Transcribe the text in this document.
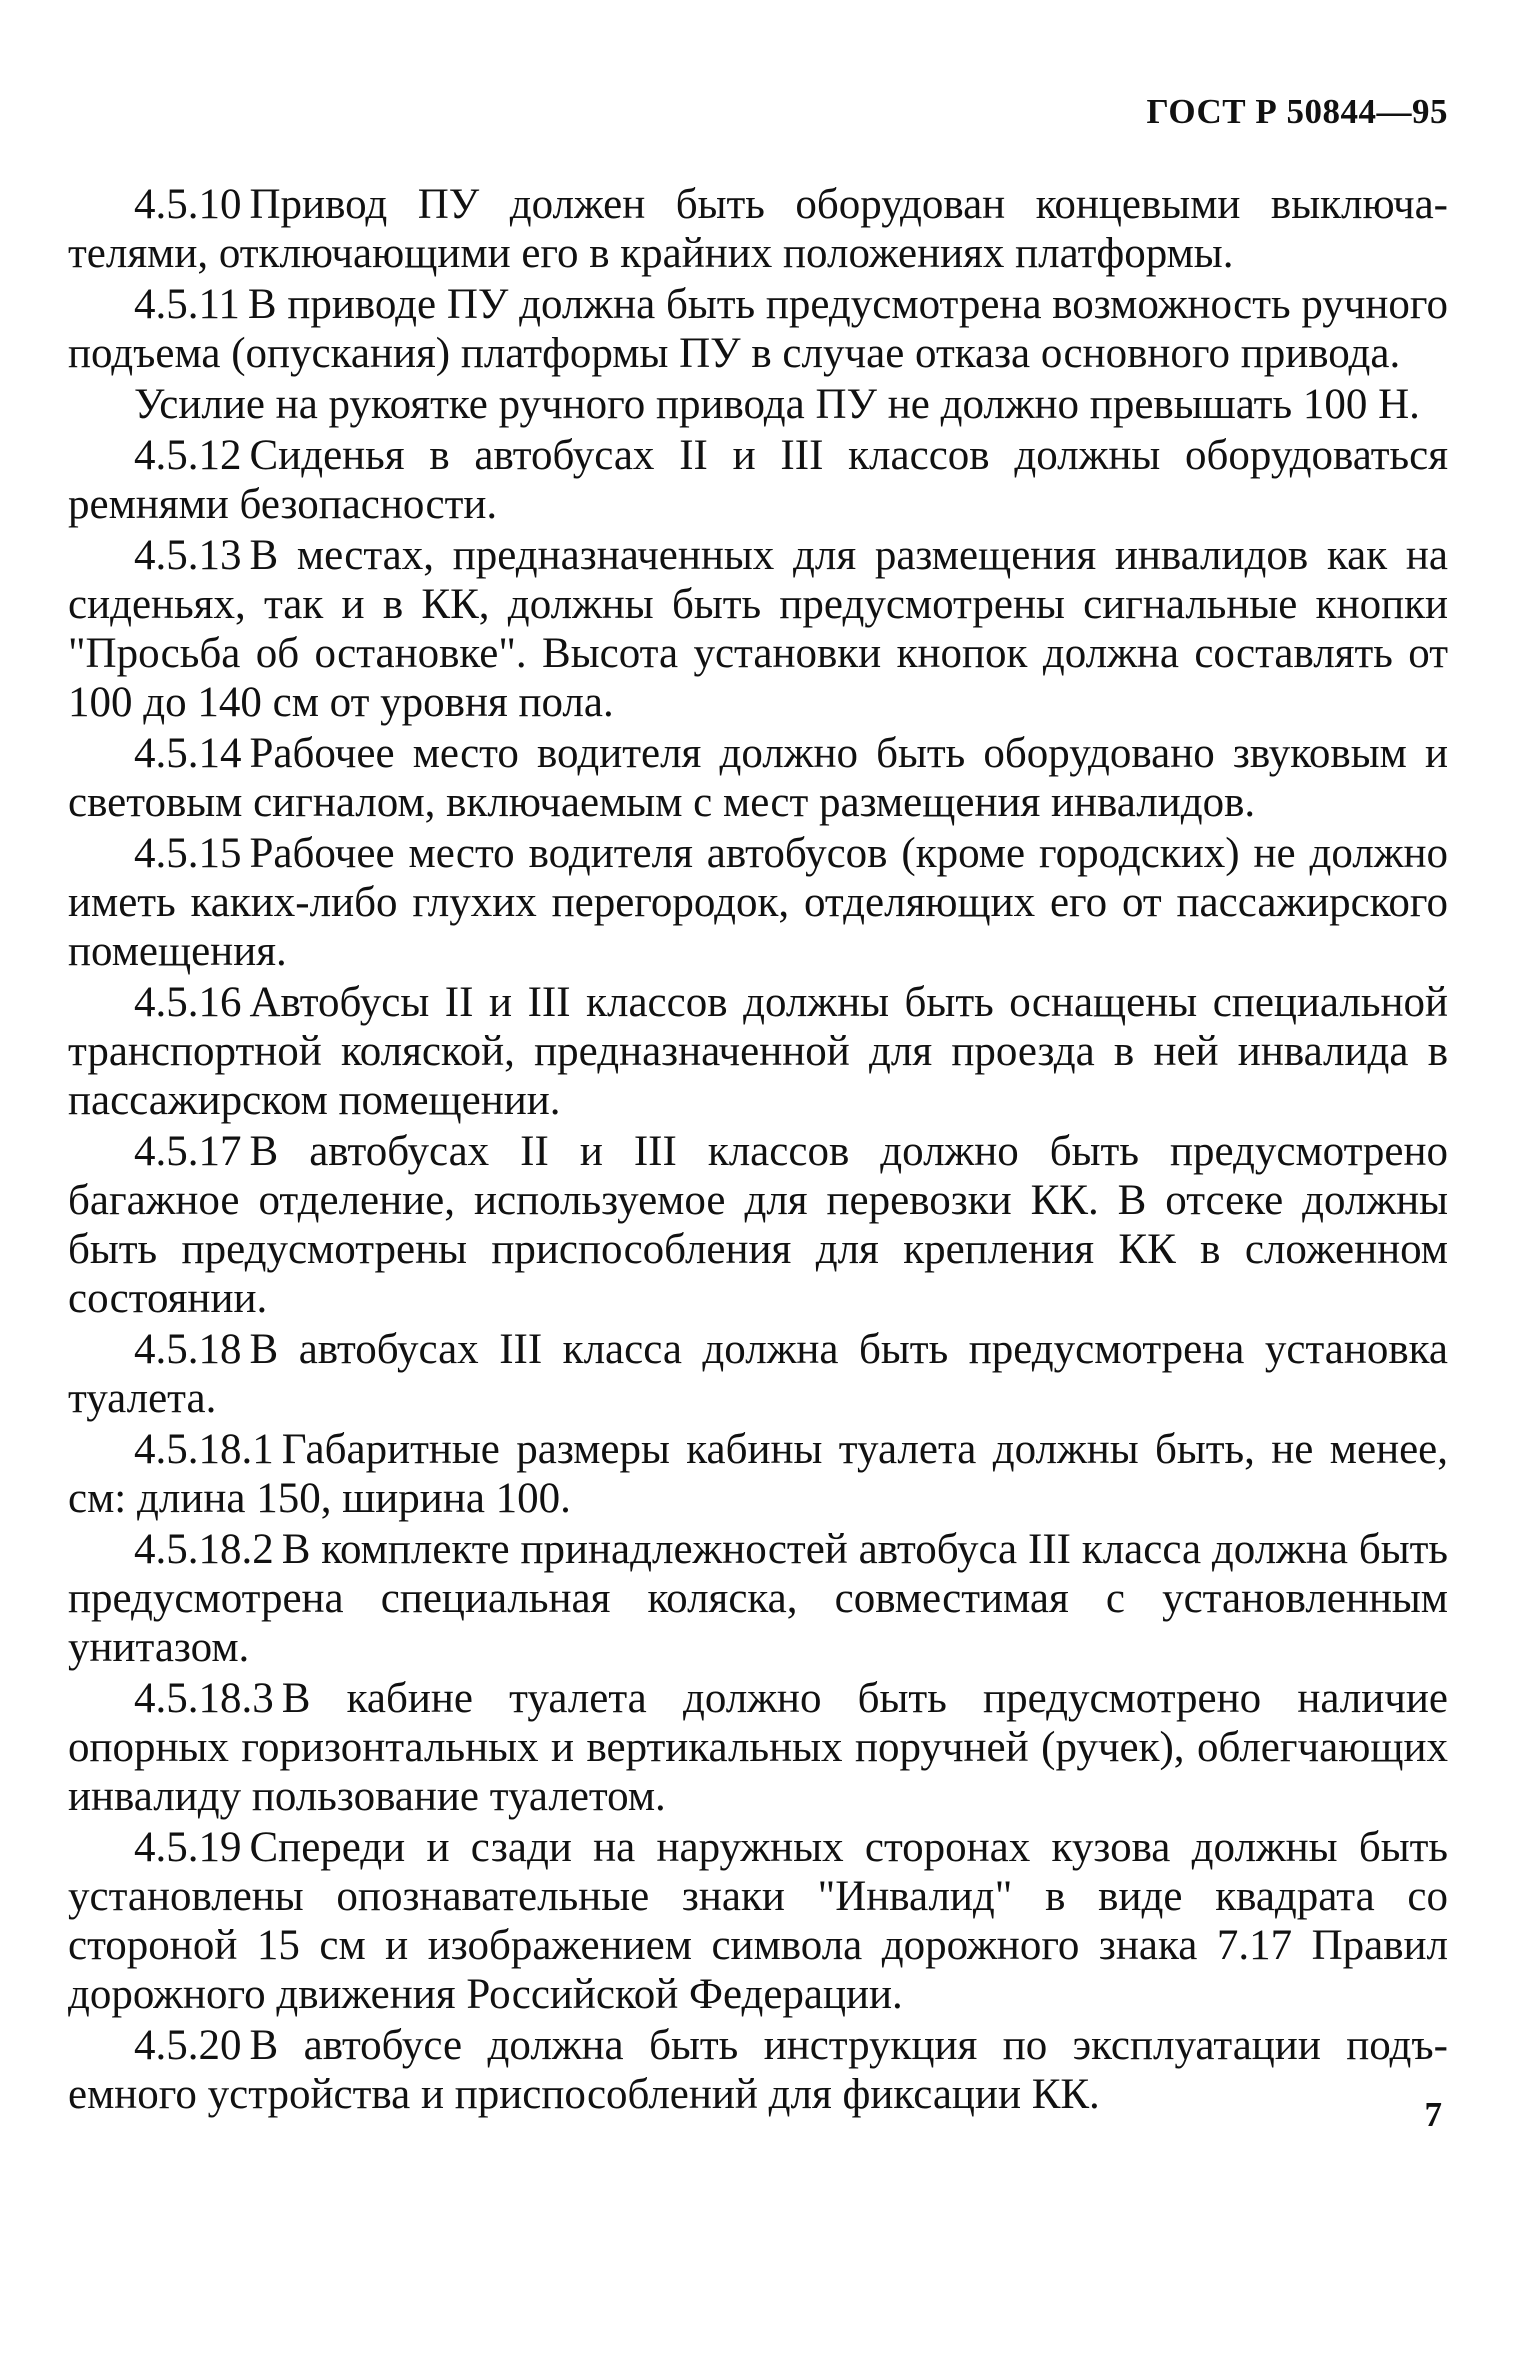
ГОСТ Р 50844—95

4.5.10 Привод ПУ должен быть оборудован концевыми выключателями, отключающими его в крайних положениях платформы.

4.5.11 В приводе ПУ должна быть предусмотрена возможность ручного подъема (опускания) платформы ПУ в случае отказа основного привода.

Усилие на рукоятке ручного привода ПУ не должно превышать 100 Н.

4.5.12 Сиденья в автобусах II и III классов должны оборудоваться ремнями безопасности.

4.5.13 В местах, предназначенных для размещения инвалидов как на сиденьях, так и в КК, должны быть предусмотрены сигнальные кнопки "Просьба об остановке". Высота установки кнопок должна составлять от 100 до 140 см от уровня пола.

4.5.14 Рабочее место водителя должно быть оборудовано звуковым и световым сигналом, включаемым с мест размещения инвалидов.

4.5.15 Рабочее место водителя автобусов (кроме городских) не должно иметь каких-либо глухих перегородок, отделяющих его от пассажирского помещения.

4.5.16 Автобусы II и III классов должны быть оснащены специальной транспортной коляской, предназначенной для проезда в ней инвалида в пассажирском помещении.

4.5.17 В автобусах II и III классов должно быть предусмотрено багажное отделение, используемое для перевозки КК. В отсеке должны быть предусмотрены приспособления для крепления КК в сложенном состоянии.

4.5.18 В автобусах III класса должна быть предусмотрена установка туалета.

4.5.18.1 Габаритные размеры кабины туалета должны быть, не менее, см: длина 150, ширина 100.

4.5.18.2 В комплекте принадлежностей автобуса III класса должна быть предусмотрена специальная коляска, совместимая с установленным унитазом.

4.5.18.3 В кабине туалета должно быть предусмотрено наличие опорных горизонтальных и вертикальных поручней (ручек), облегчающих инвалиду пользование туалетом.

4.5.19 Спереди и сзади на наружных сторонах кузова должны быть установлены опознавательные знаки "Инвалид" в виде квадрата со стороной 15 см и изображением символа дорожного знака 7.17 Правил дорожного движения Российской Федерации.

4.5.20 В автобусе должна быть инструкция по эксплуатации подъемного устройства и приспособлений для фиксации КК.	7
